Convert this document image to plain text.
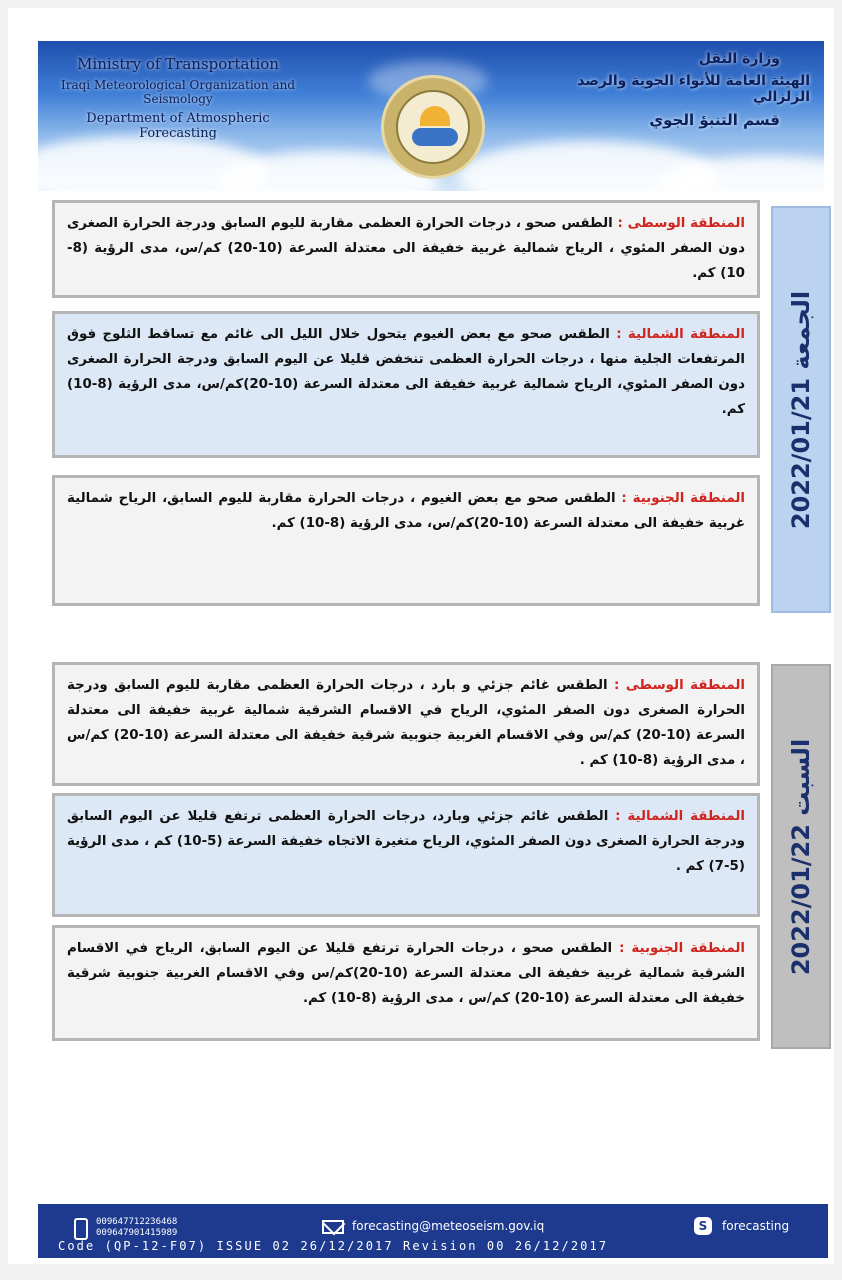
Ministry of Transportation
Iraqi Meteorological Organization and Seismology
Department of Atmospheric Forecasting
وزارة النقل
الهيئة العامة للأنواء الجوية والرصد الزلزالي
قسم التنبؤ الجوي
الجمعة 2022/01/21
المنطقة الوسطى : الطقس صحو ، درجات الحرارة العظمى مقاربة لليوم السابق ودرجة الحرارة الصغرى دون الصفر المئوي ، الرياح شمالية غربية خفيفة الى معتدلة السرعة (10-20) كم/س، مدى الرؤية (8-10) كم.
المنطقة الشمالية : الطقس صحو مع بعض الغيوم يتحول خلال الليل الى غائم مع تساقط الثلوج فوق المرتفعات الجلية منها ، درجات الحرارة العظمى تنخفض قليلا عن اليوم السابق ودرجة الحرارة الصغرى دون الصفر المئوي، الرياح شمالية غربية خفيفة الى معتدلة السرعة (10-20)كم/س، مدى الرؤية (8-10) كم.
المنطقة الجنوبية : الطقس صحو مع بعض الغيوم ، درجات الحرارة مقاربة لليوم السابق، الرياح شمالية غربية خفيفة الى معتدلة السرعة (10-20)كم/س، مدى الرؤية (8-10) كم.
السبت 2022/01/22
المنطقة الوسطى : الطقس غائم جزئي و بارد ، درجات الحرارة العظمى مقاربة لليوم السابق ودرجة الحرارة الصغرى دون الصفر المئوي، الرياح في الاقسام الشرقية شمالية غربية خفيفة الى معتدلة السرعة (10-20) كم/س وفي الاقسام الغربية جنوبية شرقية خفيفة الى معتدلة السرعة (10-20) كم/س ، مدى الرؤية (8-10) كم .
المنطقة الشمالية : الطقس غائم جزئي وبارد، درجات الحرارة العظمى ترتفع قليلا عن اليوم السابق ودرجة الحرارة الصغرى دون الصفر المئوي، الرياح متغيرة الاتجاه خفيفة السرعة (5-10) كم ، مدى الرؤية (5-7) كم .
المنطقة الجنوبية : الطقس صحو ، درجات الحرارة ترتفع قليلا عن اليوم السابق، الرياح في الاقسام الشرقية شمالية غربية خفيفة الى معتدلة السرعة (10-20)كم/س وفي الاقسام الغربية جنوبية شرقية خفيفة الى معتدلة السرعة (10-20) كم/س ، مدى الرؤية (8-10) كم.
009647712236468
009647901415989	forecasting@meteoseism.gov.iq	S	forecasting
Code (QP-12-F07) ISSUE 02 26/12/2017 Revision 00 26/12/2017
